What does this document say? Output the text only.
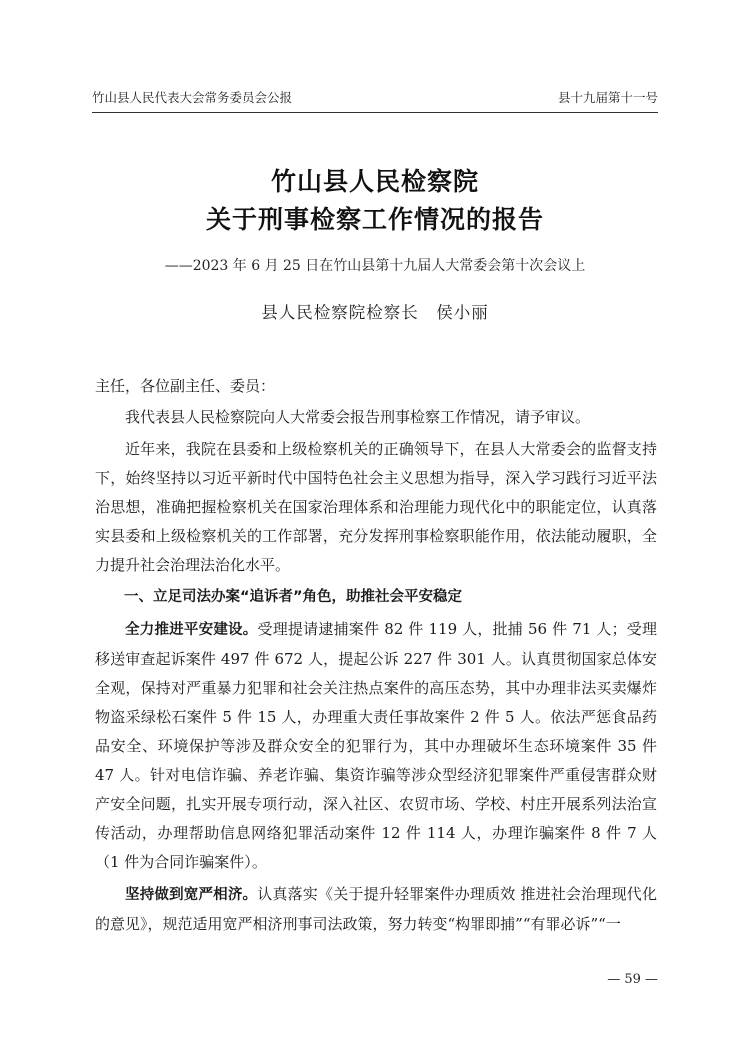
竹山县人民代表大会常务委员会公报	县十九届第十一号
竹山县人民检察院
关于刑事检察工作情况的报告
——2023 年 6 月 25 日在竹山县第十九届人大常委会第十次会议上
县人民检察院检察长　侯小丽

主任，各位副主任、委员：

我代表县人民检察院向人大常委会报告刑事检察工作情况，请予审议。

近年来，我院在县委和上级检察机关的正确领导下，在县人大常委会的监督支持下，始终坚持以习近平新时代中国特色社会主义思想为指导，深入学习践行习近平法治思想，准确把握检察机关在国家治理体系和治理能力现代化中的职能定位，认真落实县委和上级检察机关的工作部署，充分发挥刑事检察职能作用，依法能动履职，全力提升社会治理法治化水平。

一、立足司法办案“追诉者”角色，助推社会平安稳定

全力推进平安建设。受理提请逮捕案件 82 件 119 人，批捕 56 件 71 人；受理移送审查起诉案件 497 件 672 人，提起公诉 227 件 301 人。认真贯彻国家总体安全观，保持对严重暴力犯罪和社会关注热点案件的高压态势，其中办理非法买卖爆炸物盗采绿松石案件 5 件 15 人，办理重大责任事故案件 2 件 5 人。依法严惩食品药品安全、环境保护等涉及群众安全的犯罪行为，其中办理破坏生态环境案件 35 件 47 人。针对电信诈骗、养老诈骗、集资诈骗等涉众型经济犯罪案件严重侵害群众财产安全问题，扎实开展专项行动，深入社区、农贸市场、学校、村庄开展系列法治宣传活动，办理帮助信息网络犯罪活动案件 12 件 114 人，办理诈骗案件 8 件 7 人（1 件为合同诈骗案件）。

坚持做到宽严相济。认真落实《关于提升轻罪案件办理质效 推进社会治理现代化的意见》，规范适用宽严相济刑事司法政策，努力转变“构罪即捕”“有罪必诉”“一

— 59 —
